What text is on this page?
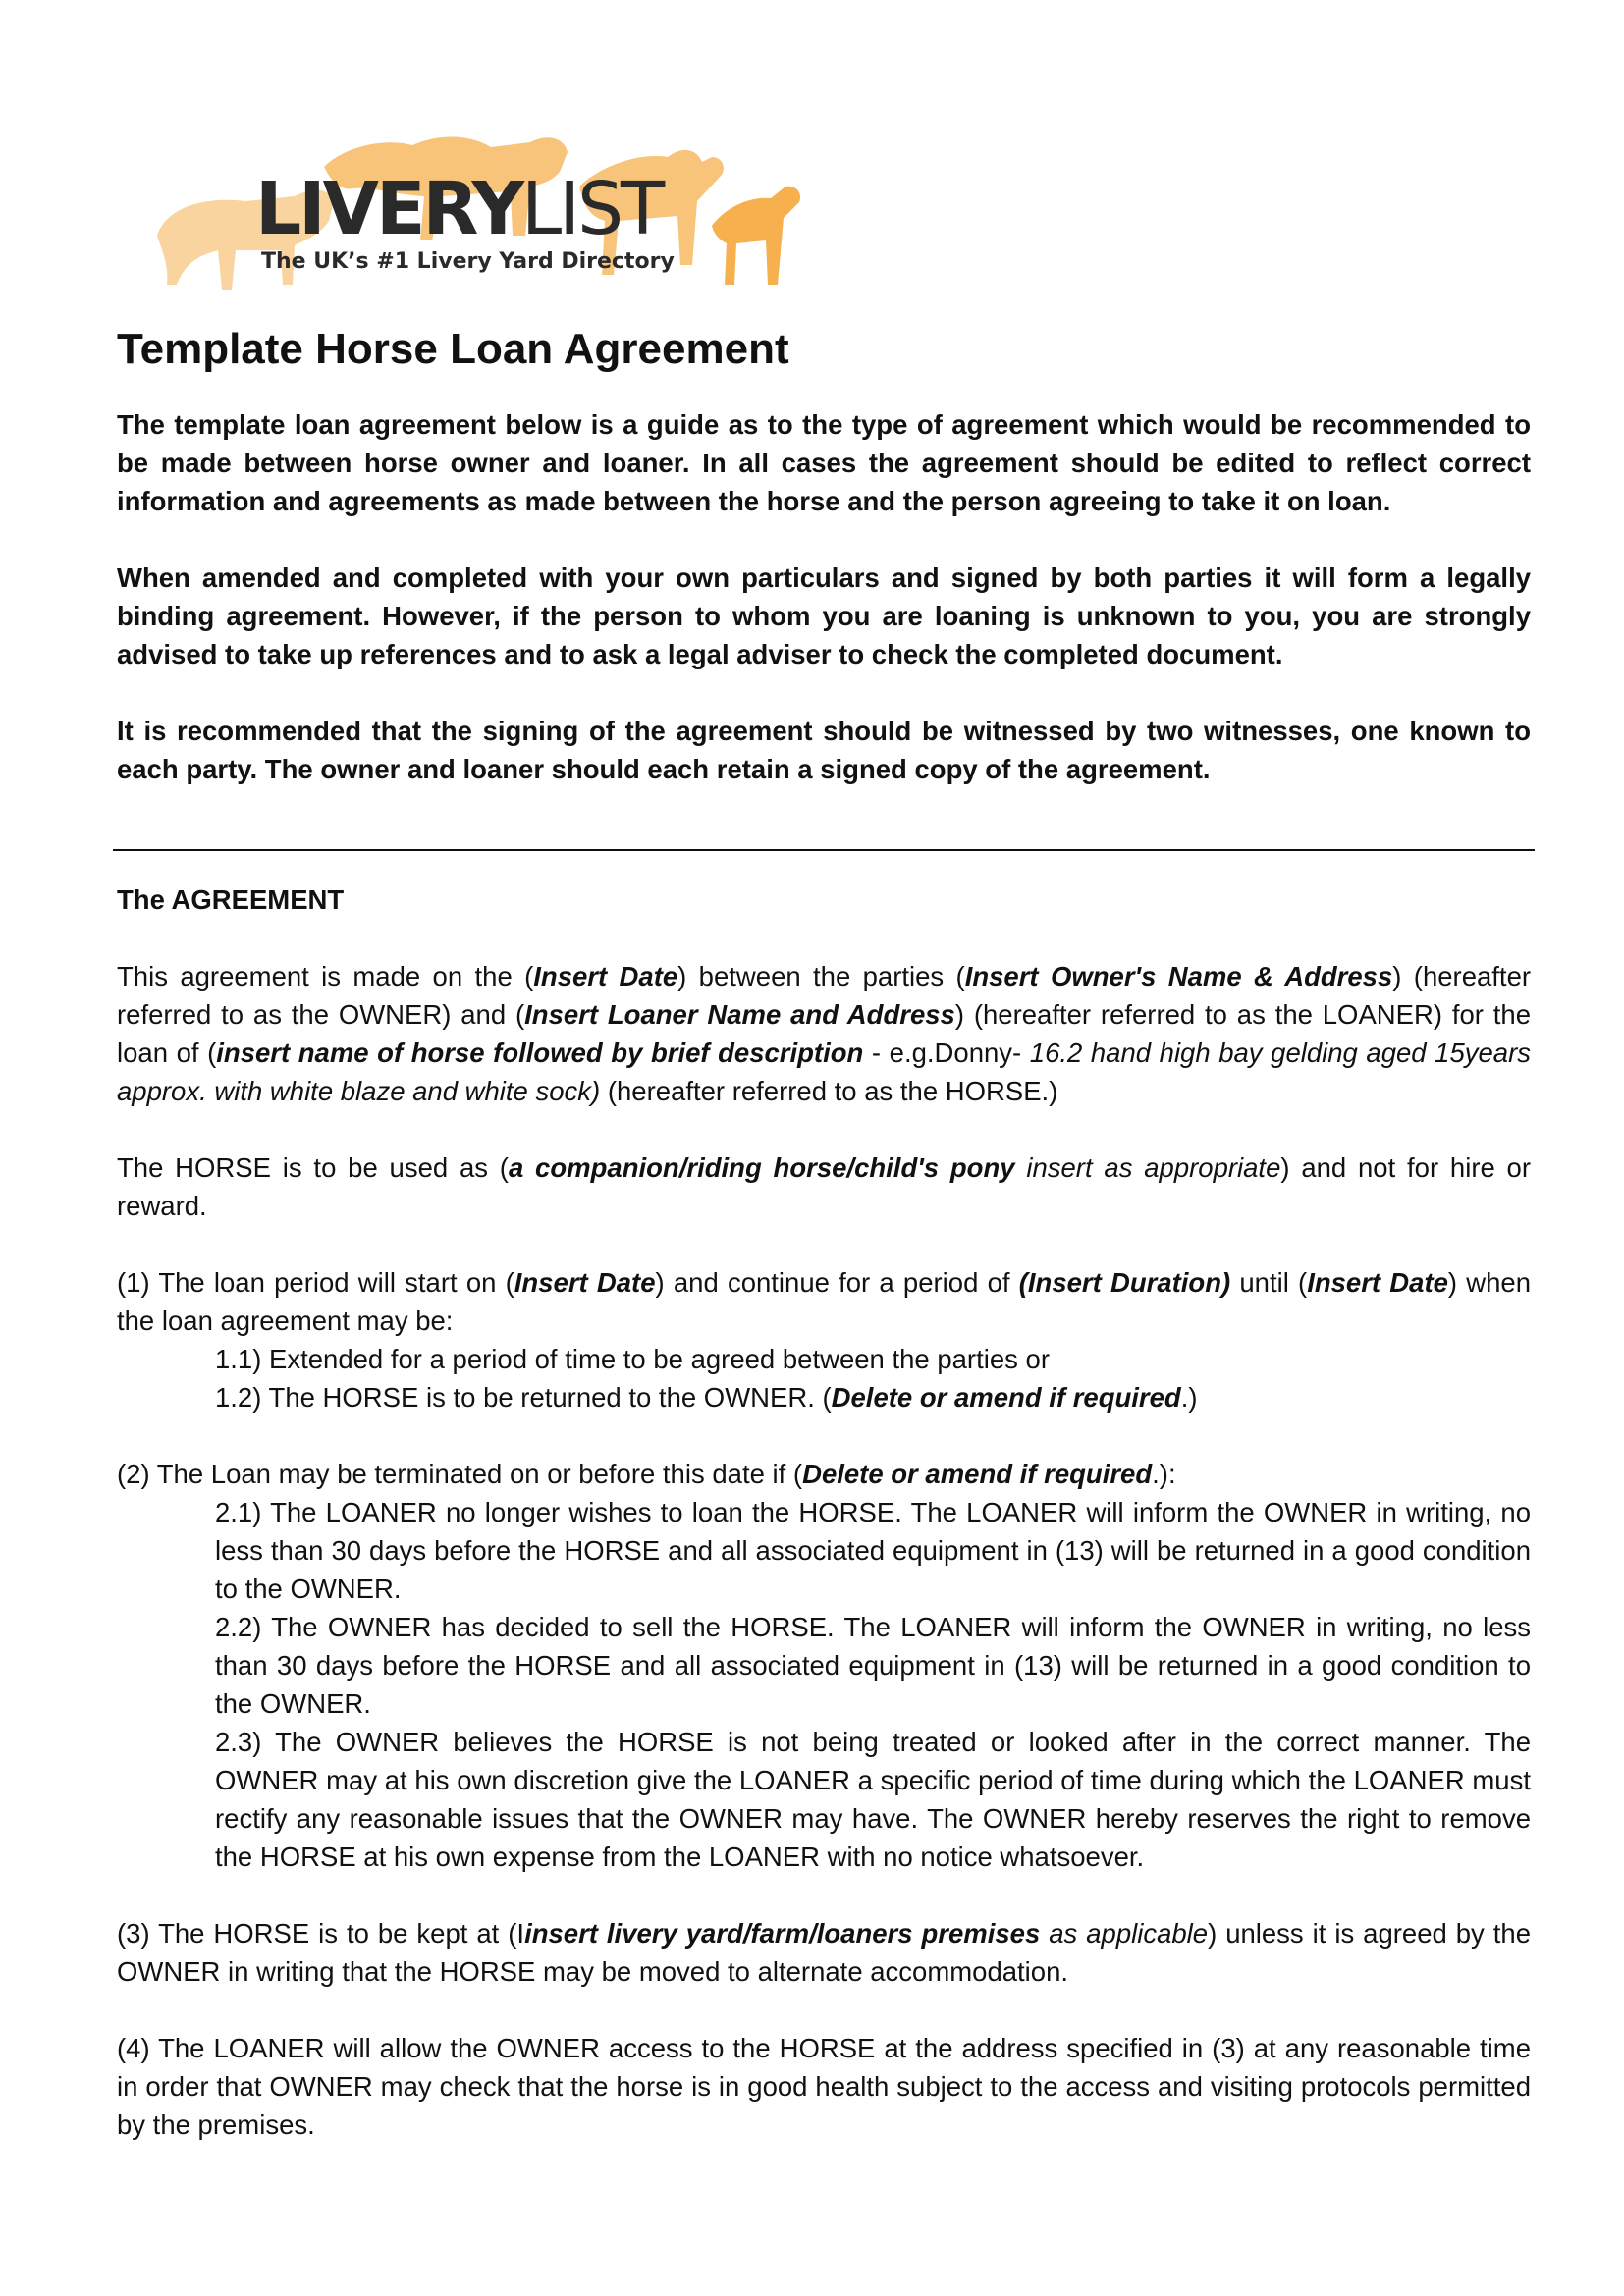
LIVERYLIST
The UK’s #1 Livery Yard Directory
Template Horse Loan Agreement

The template loan agreement below is a guide as to the type of agreement which would be recommended to be made between horse owner and loaner. In all cases the agreement should be edited to reflect correct information and agreements as made between the horse and the person agreeing to take it on loan.

When amended and completed with your own particulars and signed by both parties it will form a legally binding agreement. However, if the person to whom you are loaning is unknown to you, you are strongly advised to take up references and to ask a legal adviser to check the completed document.

It is recommended that the signing of the agreement should be witnessed by two witnesses, one known to each party. The owner and loaner should each retain a signed copy of the agreement.

The AGREEMENT

This agreement is made on the (Insert Date) between the parties (Insert Owner's Name & Address) (hereafter referred to as the OWNER) and (Insert Loaner Name and Address) (hereafter referred to as the LOANER) for the loan of (insert name of horse followed by brief description - e.g.Donny- 16.2 hand high bay gelding aged 15years approx. with white blaze and white sock) (hereafter referred to as the HORSE.)

The HORSE is to be used as (a companion/riding horse/child's pony insert as appropriate) and not for hire or reward.

(1) The loan period will start on (Insert Date) and continue for a period of (Insert Duration) until (Insert Date) when the loan agreement may be:

1.1) Extended for a period of time to be agreed between the parties or

1.2) The HORSE is to be returned to the OWNER. (Delete or amend if required.)

(2) The Loan may be terminated on or before this date if (Delete or amend if required.):

2.1) The LOANER no longer wishes to loan the HORSE. The LOANER will inform the OWNER in writing, no less than 30 days before the HORSE and all associated equipment in (13) will be returned in a good condition to the OWNER.

2.2) The OWNER has decided to sell the HORSE. The LOANER will inform the OWNER in writing, no less than 30 days before the HORSE and all associated equipment in (13) will be returned in a good condition to the OWNER.

2.3) The OWNER believes the HORSE is not being treated or looked after in the correct manner. The OWNER may at his own discretion give the LOANER a specific period of time during which the LOANER must rectify any reasonable issues that the OWNER may have. The OWNER hereby reserves the right to remove the HORSE at his own expense from the LOANER with no notice whatsoever.

(3) The HORSE is to be kept at (Iinsert livery yard/farm/loaners premises as applicable) unless it is agreed by the OWNER in writing that the HORSE may be moved to alternate accommodation.

(4) The LOANER will allow the OWNER access to the HORSE at the address specified in (3) at any reasonable time in order that OWNER may check that the horse is in good health subject to the access and visiting protocols permitted by the premises.
